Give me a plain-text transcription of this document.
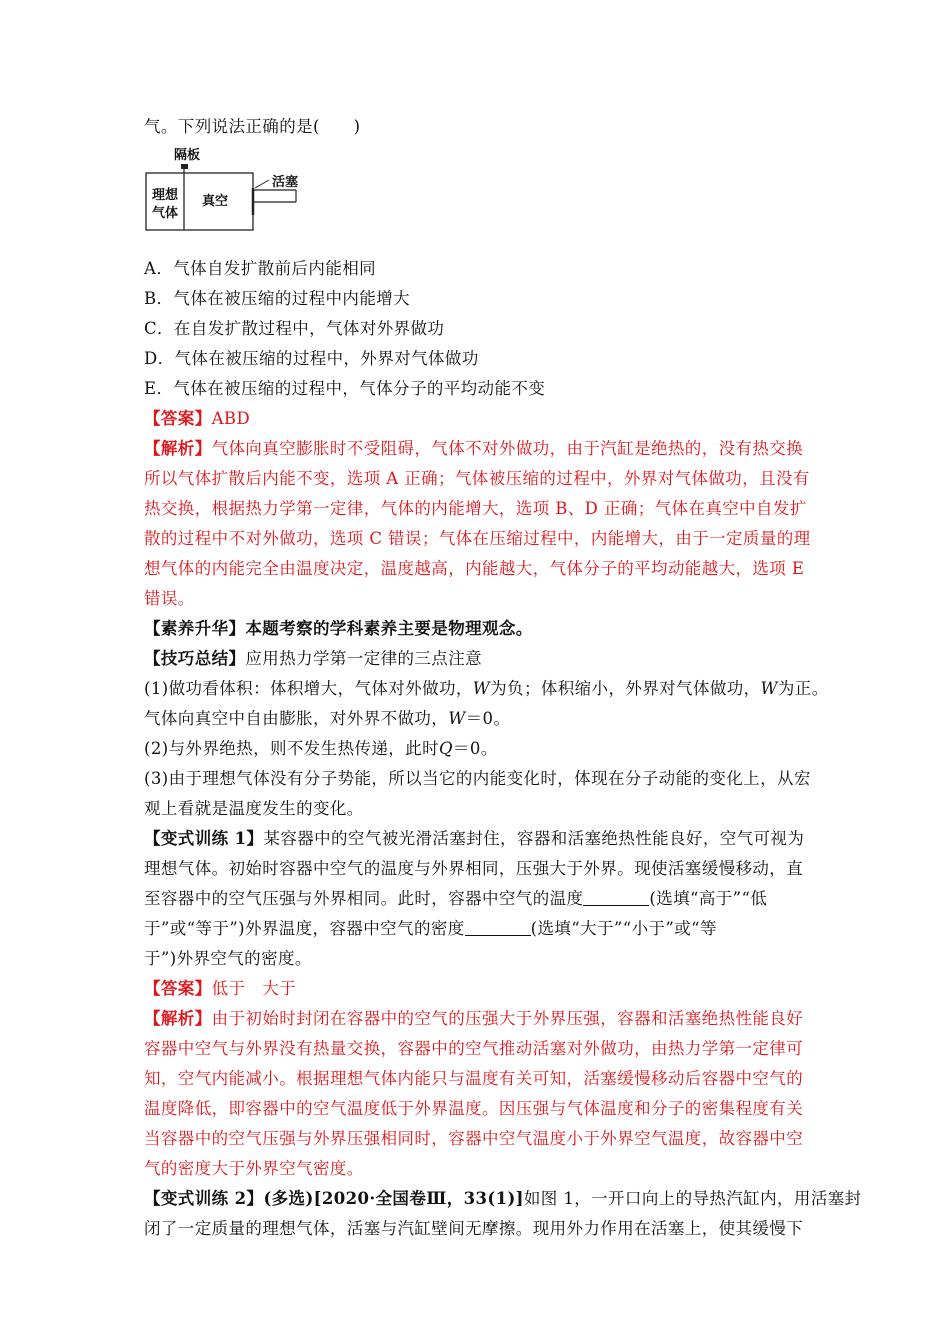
气。下列说法正确的是(　　)
隔板
活塞
理想
气体
真空
A．气体自发扩散前后内能相同
B．气体在被压缩的过程中内能增大
C．在自发扩散过程中，气体对外界做功
D．气体在被压缩的过程中，外界对气体做功
E．气体在被压缩的过程中，气体分子的平均动能不变
【答案】ABD
【解析】气体向真空膨胀时不受阻碍，气体不对外做功，由于汽缸是绝热的，没有热交换
所以气体扩散后内能不变，选项 A 正确；气体被压缩的过程中，外界对气体做功，且没有
热交换，根据热力学第一定律，气体的内能增大，选项 B、D 正确；气体在真空中自发扩
散的过程中不对外做功，选项 C 错误；气体在压缩过程中，内能增大，由于一定质量的理
想气体的内能完全由温度决定，温度越高，内能越大，气体分子的平均动能越大，选项 E
错误。
【素养升华】本题考察的学科素养主要是物理观念。
【技巧总结】应用热力学第一定律的三点注意
(1)做功看体积：体积增大，气体对外做功，W为负；体积缩小，外界对气体做功，W为正。
气体向真空中自由膨胀，对外界不做功，W＝0。
(2)与外界绝热，则不发生热传递，此时Q＝0。
(3)由于理想气体没有分子势能，所以当它的内能变化时，体现在分子动能的变化上，从宏
观上看就是温度发生的变化。
【变式训练 1】某容器中的空气被光滑活塞封住，容器和活塞绝热性能良好，空气可视为
理想气体。初始时容器中空气的温度与外界相同，压强大于外界。现使活塞缓慢移动，直
至容器中的空气压强与外界相同。此时，容器中空气的温度	(选填“高于”“低
于”或“等于”)外界温度，容器中空气的密度	(选填“大于”“小于”或“等
于”)外界空气的密度。
【答案】低于　大于
【解析】由于初始时封闭在容器中的空气的压强大于外界压强，容器和活塞绝热性能良好
容器中空气与外界没有热量交换，容器中的空气推动活塞对外做功，由热力学第一定律可
知，空气内能减小。根据理想气体内能只与温度有关可知，活塞缓慢移动后容器中空气的
温度降低，即容器中的空气温度低于外界温度。因压强与气体温度和分子的密集程度有关
当容器中的空气压强与外界压强相同时，容器中空气温度小于外界空气温度，故容器中空
气的密度大于外界空气密度。
【变式训练 2】(多选)[2020·全国卷Ⅲ，33(1)]如图 1，一开口向上的导热汽缸内，用活塞封
闭了一定质量的理想气体，活塞与汽缸壁间无摩擦。现用外力作用在活塞上，使其缓慢下
